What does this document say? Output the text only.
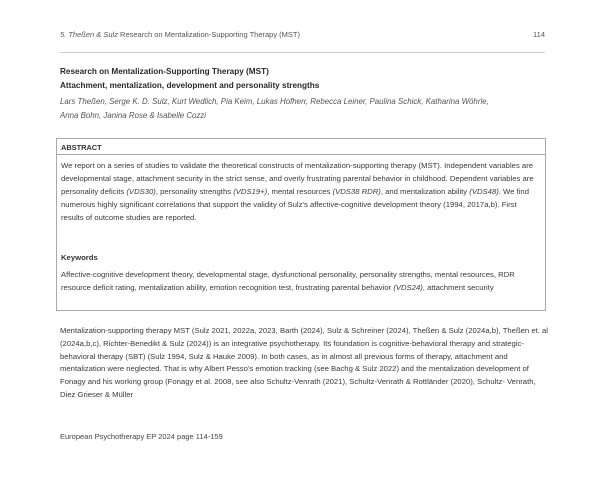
5. Theßen & Sulz Research on Mentalization-Supporting Therapy (MST)	114
Research on Mentalization-Supporting Therapy (MST)
Attachment, mentalization, development and personality strengths
Lars Theßen, Serge K. D. Sulz, Kurt Wedlich, Pia Keim, Lukas Hofherr, Rebecca Leiner, Paulina Schick, Katharina Wöhrle,
Anna Bohn, Janina Rose & Isabelle Cozzi
ABSTRACT
We report on a series of studies to validate the theoretical constructs of mentalization-supporting therapy (MST). Independent variables are developmental stage, attachment security in the strict sense, and overly frustrating parental behavior in childhood. Dependent variables are personality deficits (VDS30), personality strengths (VDS19+), mental resources (VDS38 RDR), and mentalization ability (VDS48). We find numerous highly significant correlations that support the validity of Sulz’s affective-cognitive development theory (1994, 2017a,b). First results of outcome studies are reported.
Keywords
Affective-cognitive development theory, developmental stage, dysfunctional personality, personality strengths, mental resources, RDR resource deficit rating, mentalization ability, emotion recognition test, frustrating parental behavior (VDS24), attachment security
Mentalization-supporting therapy MST (Sulz 2021, 2022a, 2023, Barth (2024), Sulz & Schreiner (2024), Theßen & Sulz (2024a,b), Theßen et. al (2024a,b,c), Richter-Benedikt & Sulz (2024)) is an integrative psychotherapy. Its foundation is cognitive-behavioral therapy and strategic-behavioral therapy (SBT) (Sulz 1994, Sulz & Hauke 2009). In both cases, as in almost all previous forms of therapy, attachment and mentalization were neglected. That is why Albert Pesso’s emotion tracking (see Bachg & Sulz 2022) and the mentalization development of Fonagy and his working group (Fonagy et al. 2008, see also Schultz-Venrath (2021), Schultz-Venrath & Rottländer (2020), Schultz- Venrath, Diez Grieser & Müller
European Psychotherapy EP 2024 page 114-159
